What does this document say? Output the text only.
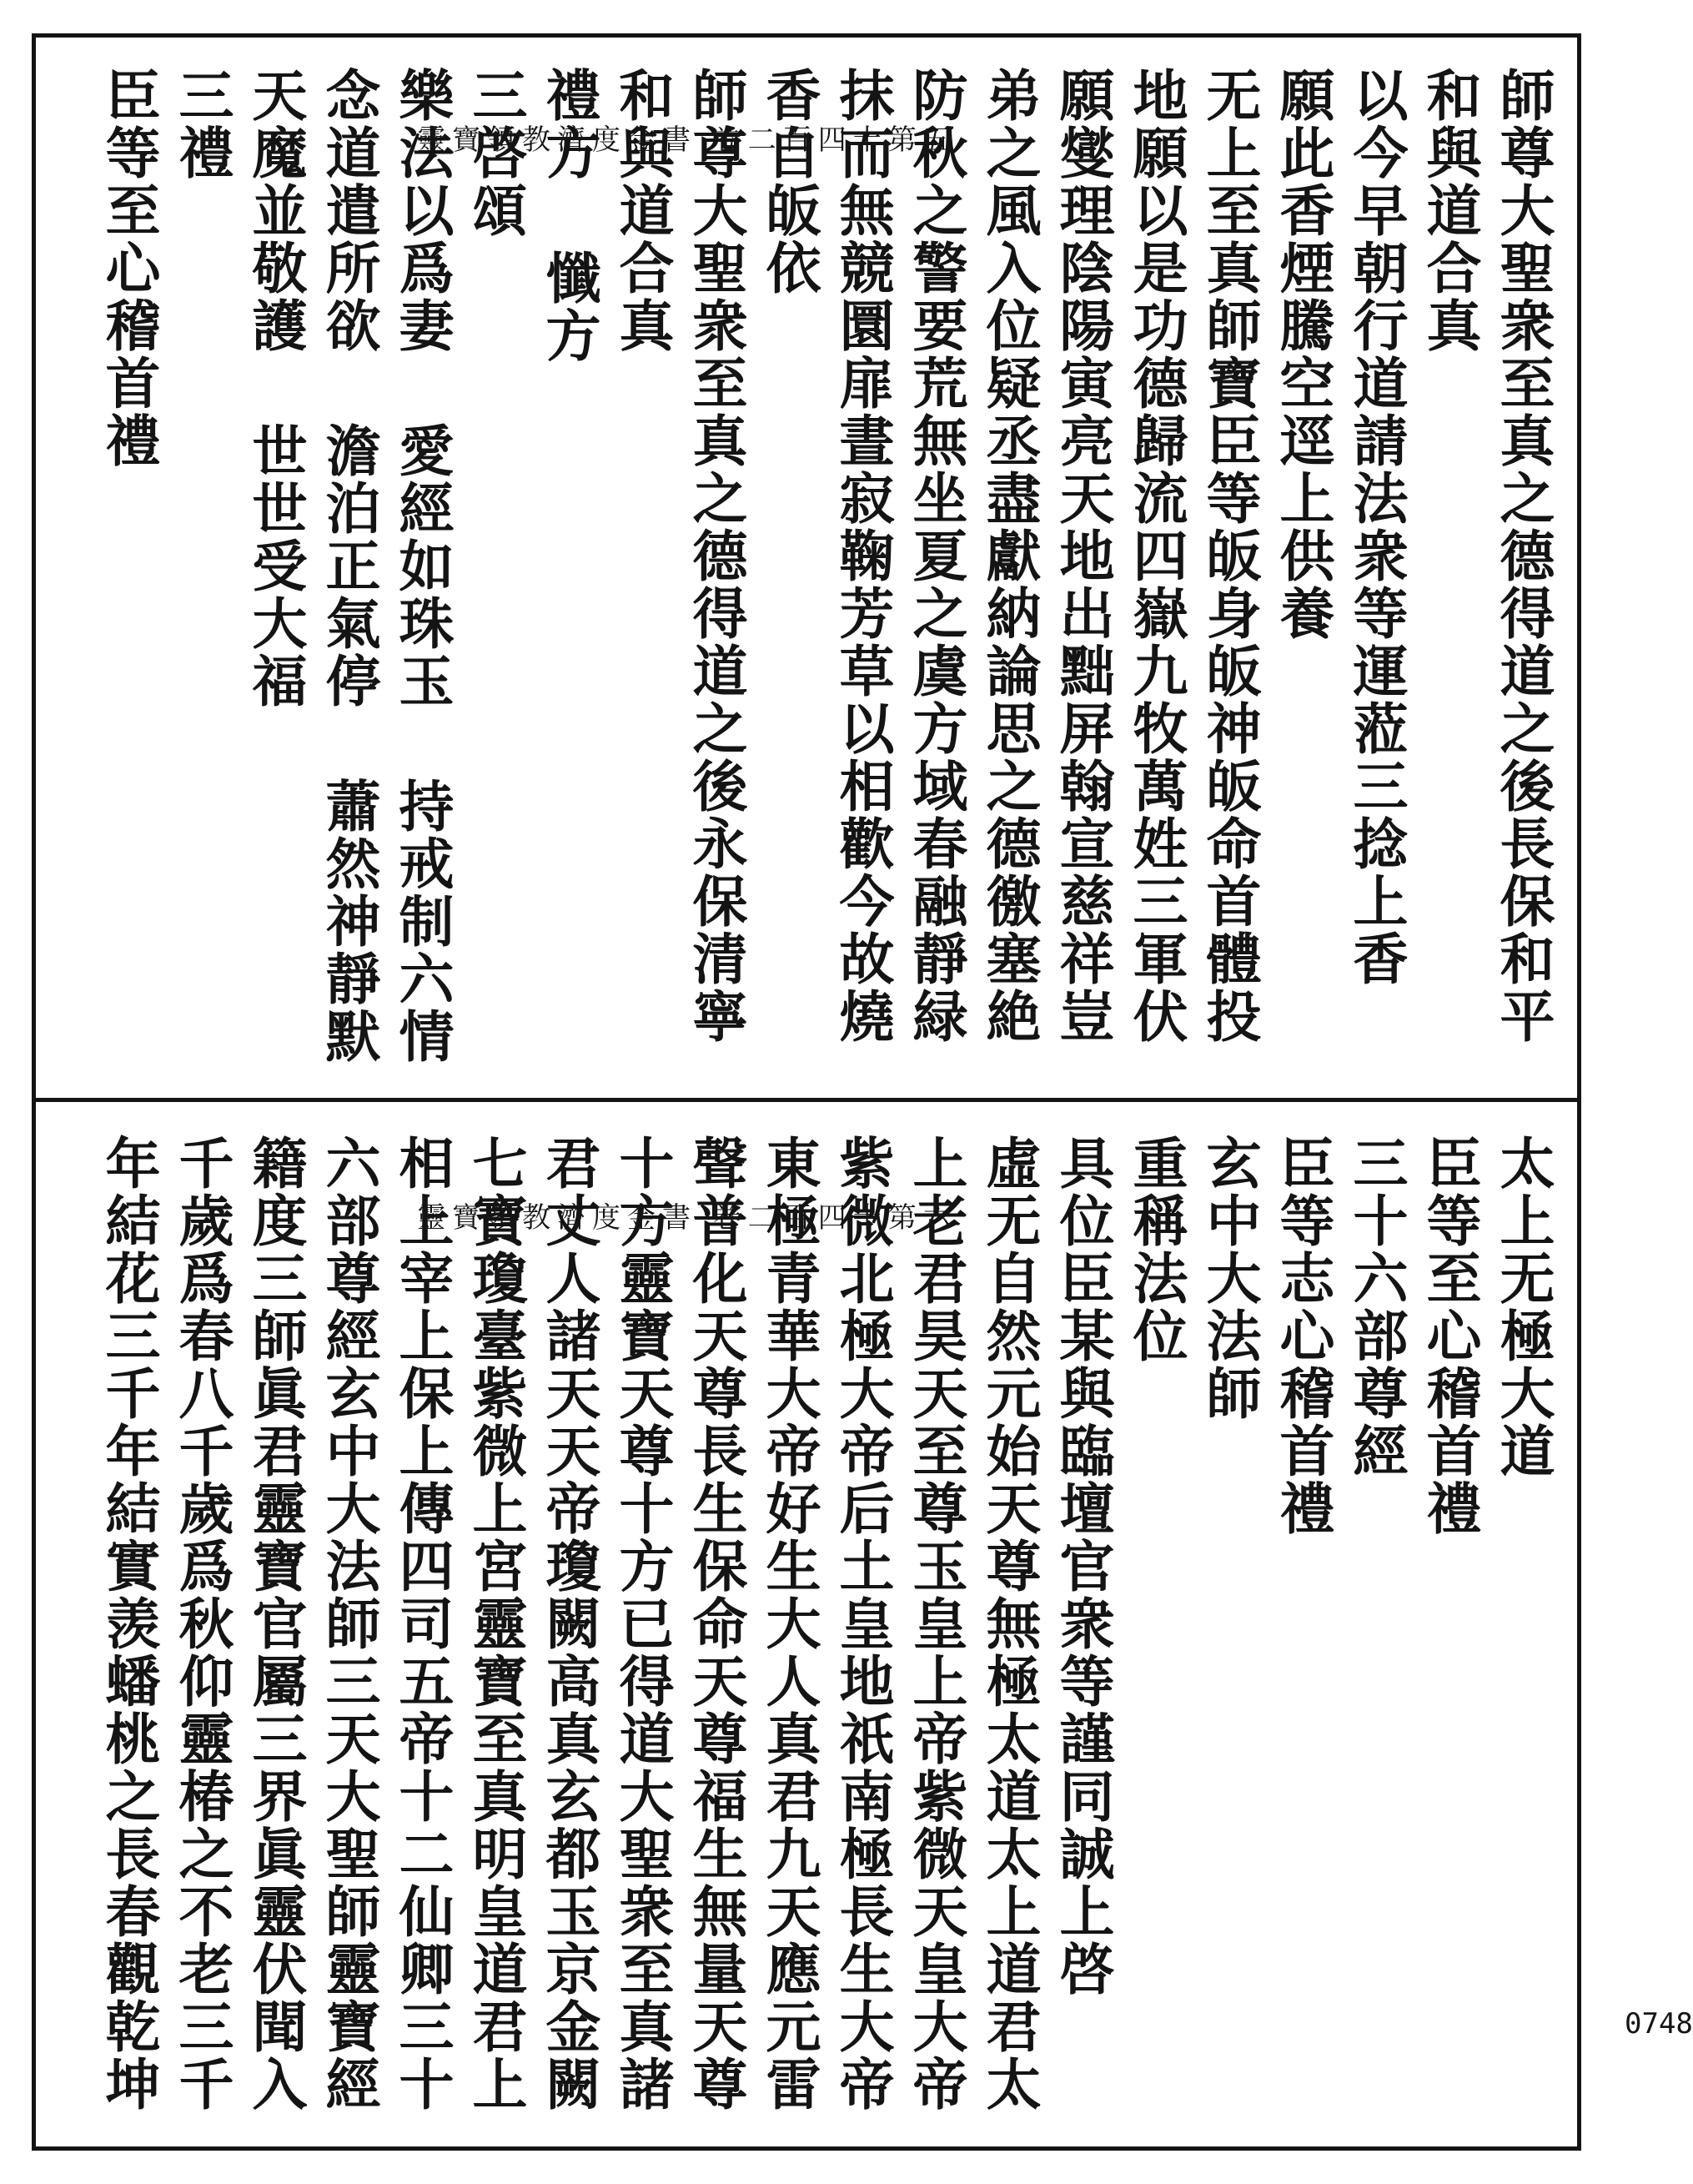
靈寶領教濟度金書 卷二百四十第五
靈寶領教濟度金書 卷二百四十第六
師尊大聖衆至真之德得道之後長保和平
和與道合真
以今早朝行道請法衆等運蒞三捻上香
願此香煙騰空逕上供養
无上至真師寶臣等皈身皈神皈命首體投
地願以是功德歸流四嶽九牧萬姓三軍伏
願燮理陰陽寅亮天地出黜屏翰宣慈祥豈
弟之風入位疑丞盡獻納論思之德徼塞絶
防秋之警要荒無坐夏之虞方域春融靜緑
抹而無競圜扉晝寂鞠芳草以相歡今故燒
香自皈依
師尊大聖衆至真之德得道之後永保清寧
和與道合真
禮方 懺方
三啓頌
樂法以爲妻 愛經如珠玉 持戒制六情
念道遣所欲 澹泊正氣停 蕭然神靜默
天魔並敬護 世世受大福
三禮
臣等至心稽首禮
太上无極大道
臣等至心稽首禮
三十六部尊經
臣等志心稽首禮
玄中大法師
重稱法位
具位臣某與臨壇官衆等謹同誠上啓
虛无自然元始天尊無極太道太上道君太
上老君昊天至尊玉皇上帝紫微天皇大帝
紫微北極大帝后土皇地祇南極長生大帝
東極青華大帝好生大人真君九天應元雷
聲普化天尊長生保命天尊福生無量天尊
十方靈寶天尊十方已得道大聖衆至真諸
君丈人諸天天帝瓊闕高真玄都玉京金闕
七寶瓊臺紫微上宮靈寶至真明皇道君上
相上宰上保上傳四司五帝十二仙卿三十
六部尊經玄中大法師三天大聖師靈寶經
籍度三師眞君靈寶官屬三界眞靈伏聞入
千歲爲春八千歲爲秋仰靈椿之不老三千
年結花三千年結實羡蟠桃之長春觀乾坤	0748
